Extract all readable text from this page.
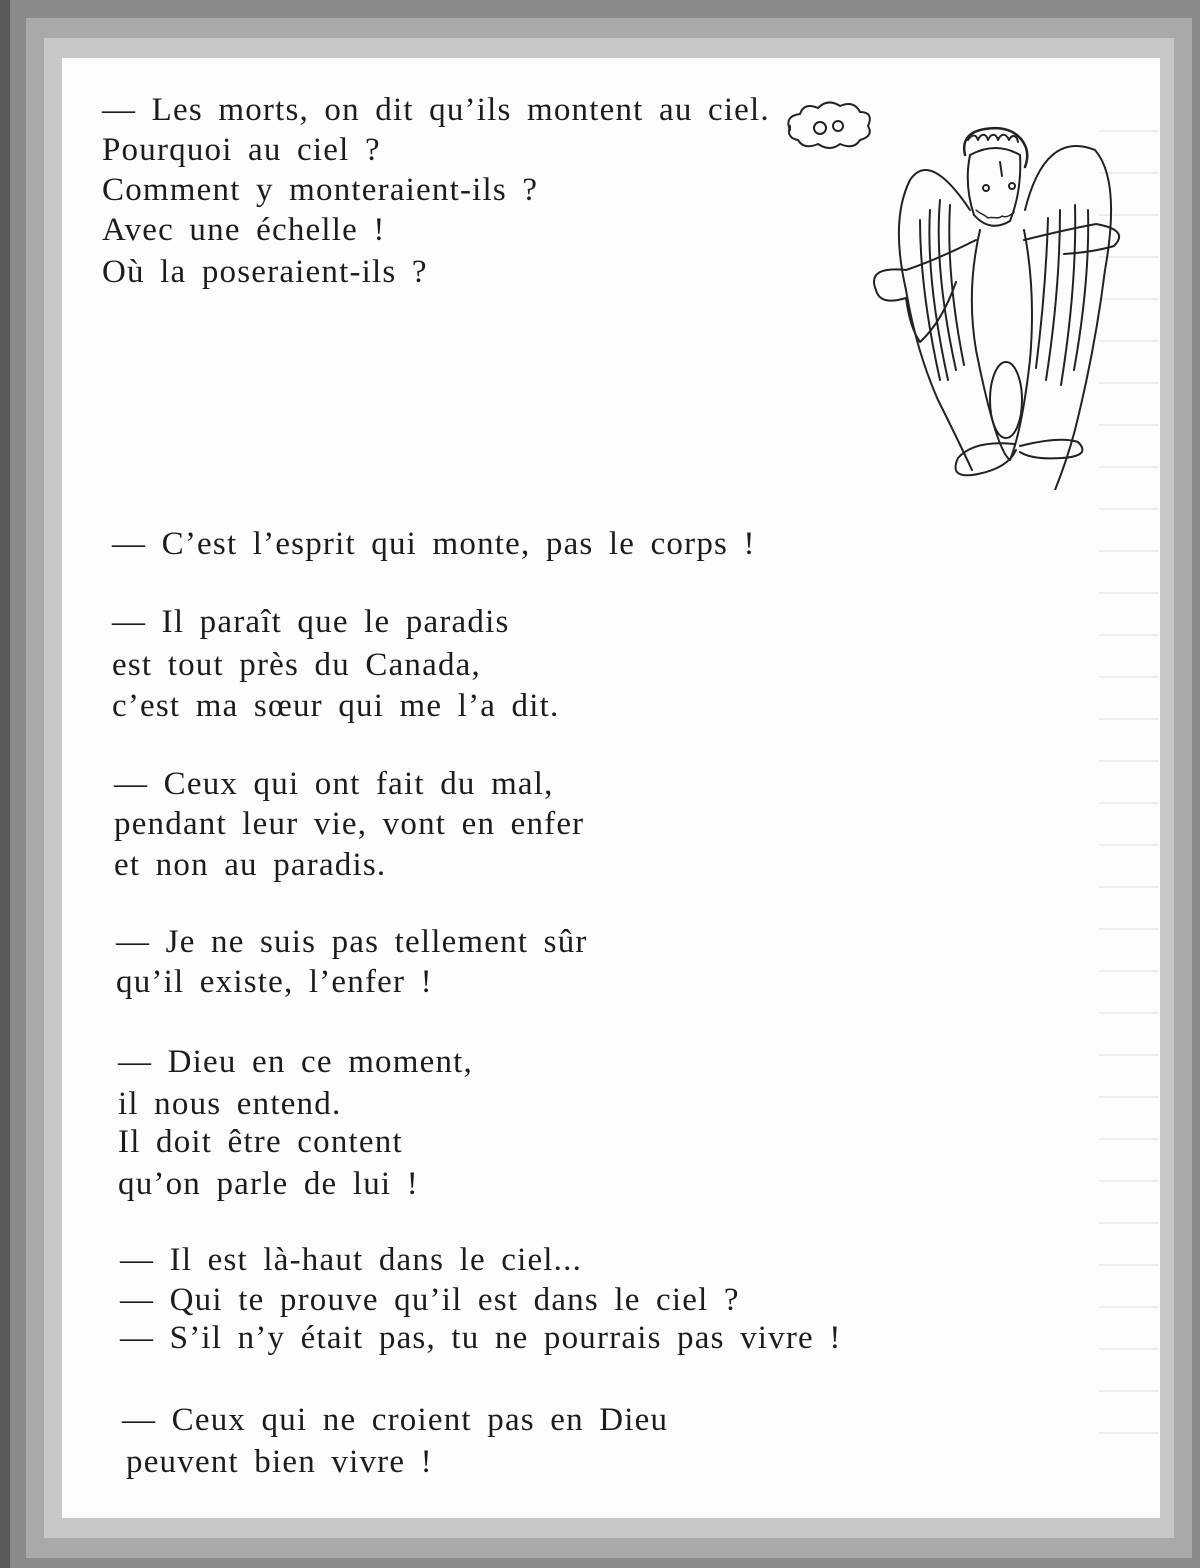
— Les morts, on dit qu’ils montent au ciel.
Pourquoi au ciel ?
Comment y monteraient-ils ?
Avec une échelle !
Où la poseraient-ils ?
— C’est l’esprit qui monte, pas le corps !
— Il paraît que le paradis
est tout près du Canada,
c’est ma sœur qui me l’a dit.
— Ceux qui ont fait du mal,
pendant leur vie, vont en enfer
et non au paradis.
— Je ne suis pas tellement sûr
qu’il existe, l’enfer !
— Dieu en ce moment,
il nous entend.
Il doit être content
qu’on parle de lui !
— Il est là-haut dans le ciel...
— Qui te prouve qu’il est dans le ciel ?
— S’il n’y était pas, tu ne pourrais pas vivre !
— Ceux qui ne croient pas en Dieu
peuvent bien vivre !
